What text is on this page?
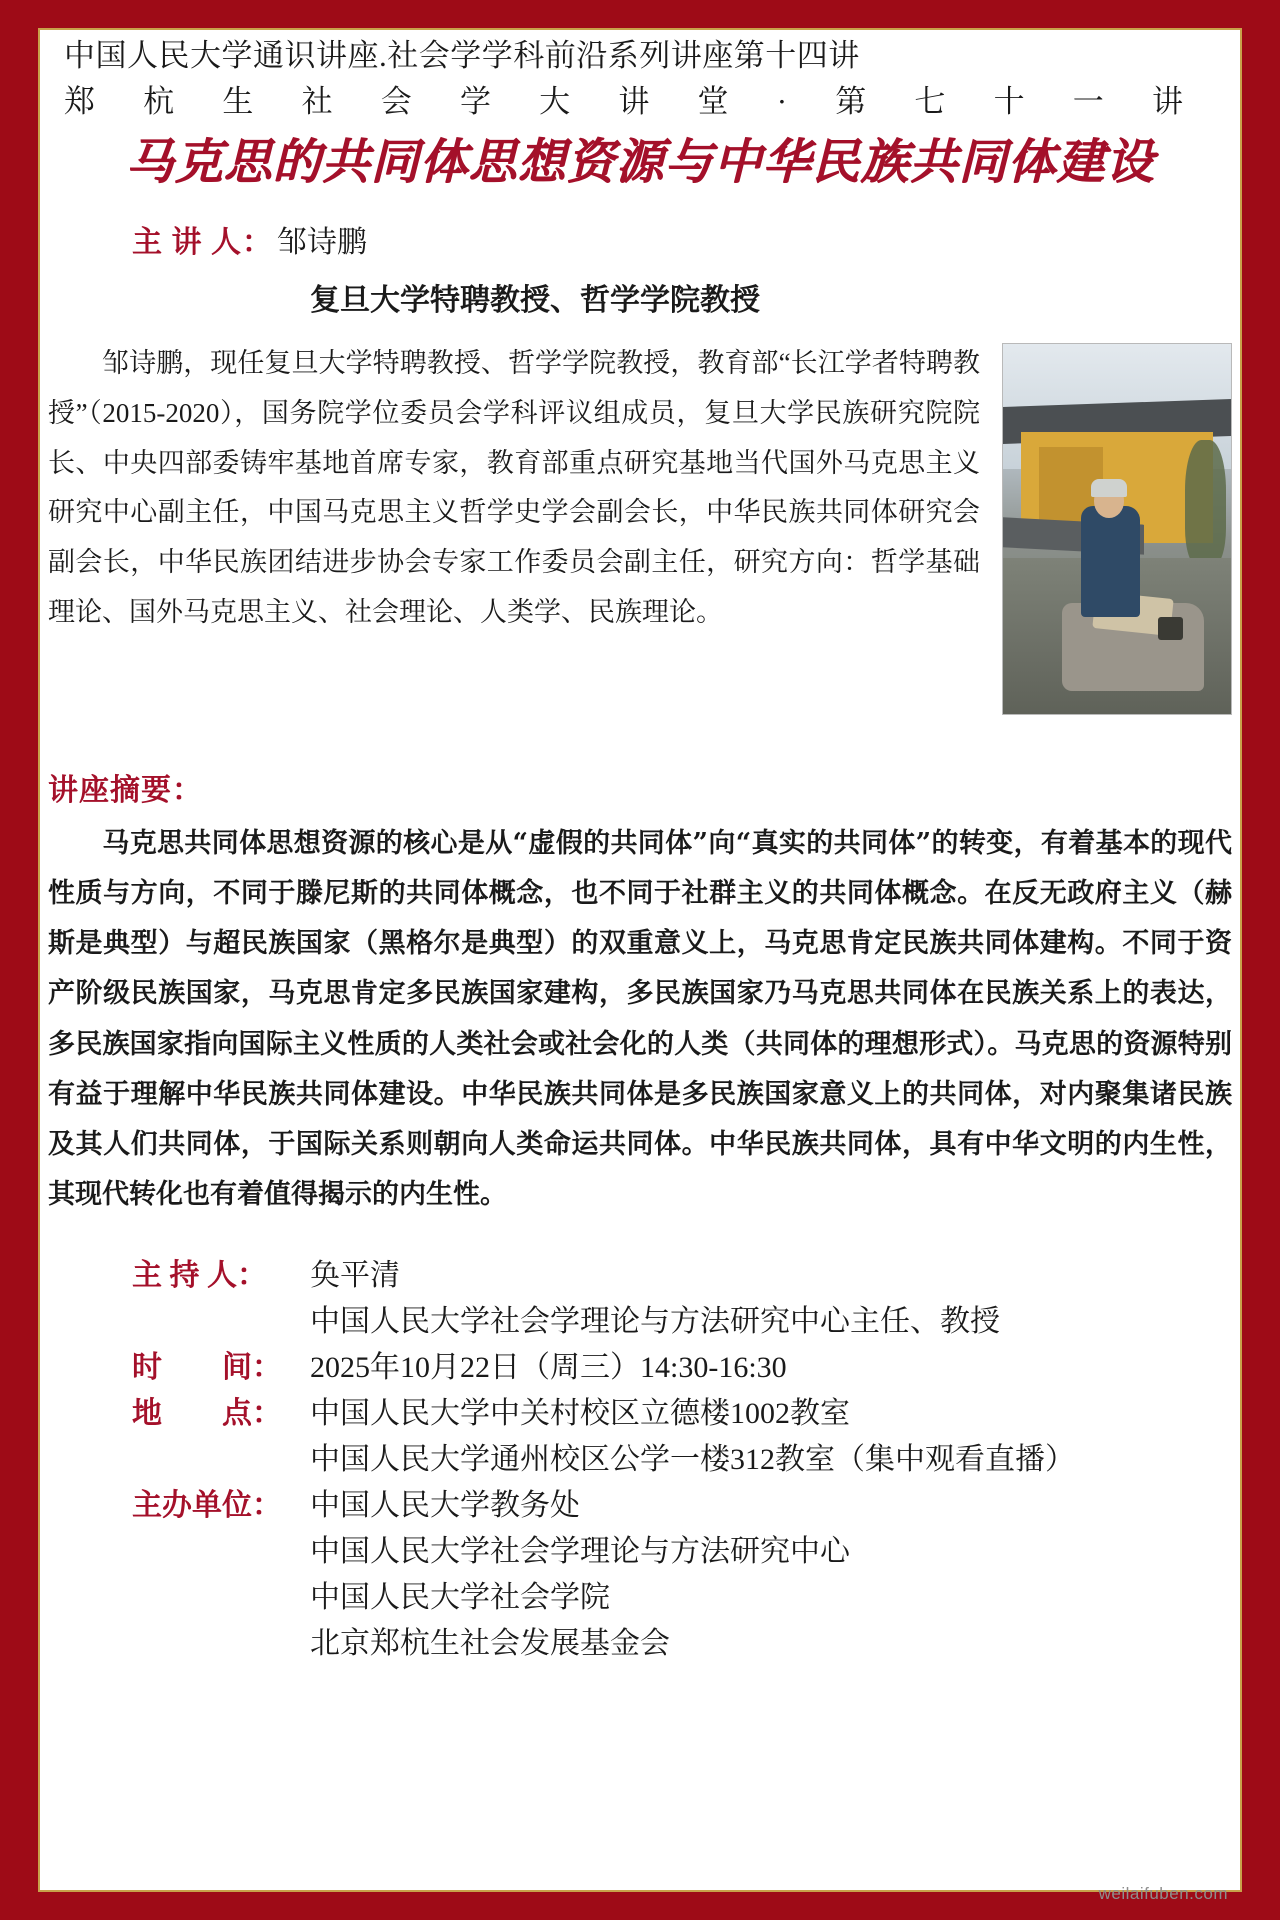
中国人民大学通识讲座.社会学学科前沿系列讲座第十四讲
郑 杭 生 社 会 学 大 讲 堂 · 第 七 十 一 讲
马克思的共同体思想资源与中华民族共同体建设
主 讲 人： 邹诗鹏
复旦大学特聘教授、哲学学院教授
邹诗鹏，现任复旦大学特聘教授、哲学学院教授，教育部“长江学者特聘教授”（2015-2020），国务院学位委员会学科评议组成员，复旦大学民族研究院院长、中央四部委铸牢基地首席专家，教育部重点研究基地当代国外马克思主义研究中心副主任，中国马克思主义哲学史学会副会长，中华民族共同体研究会副会长，中华民族团结进步协会专家工作委员会副主任，研究方向：哲学基础理论、国外马克思主义、社会理论、人类学、民族理论。
讲座摘要：
马克思共同体思想资源的核心是从“虚假的共同体”向“真实的共同体”的转变，有着基本的现代性质与方向，不同于滕尼斯的共同体概念，也不同于社群主义的共同体概念。在反无政府主义（赫斯是典型）与超民族国家（黑格尔是典型）的双重意义上，马克思肯定民族共同体建构。不同于资产阶级民族国家，马克思肯定多民族国家建构，多民族国家乃马克思共同体在民族关系上的表达，多民族国家指向国际主义性质的人类社会或社会化的人类（共同体的理想形式）。马克思的资源特别有益于理解中华民族共同体建设。中华民族共同体是多民族国家意义上的共同体，对内聚集诸民族及其人们共同体，于国际关系则朝向人类命运共同体。中华民族共同体，具有中华文明的内生性，其现代转化也有着值得揭示的内生性。
主 持 人：	奂平清
中国人民大学社会学理论与方法研究中心主任、教授
时　　间： 2025年10月22日（周三）14:30-16:30
地　　点： 中国人民大学中关村校区立德楼1002教室
中国人民大学通州校区公学一楼312教室（集中观看直播）
主办单位： 中国人民大学教务处
中国人民大学社会学理论与方法研究中心
中国人民大学社会学院
北京郑杭生社会发展基金会
weilaifuben.com
